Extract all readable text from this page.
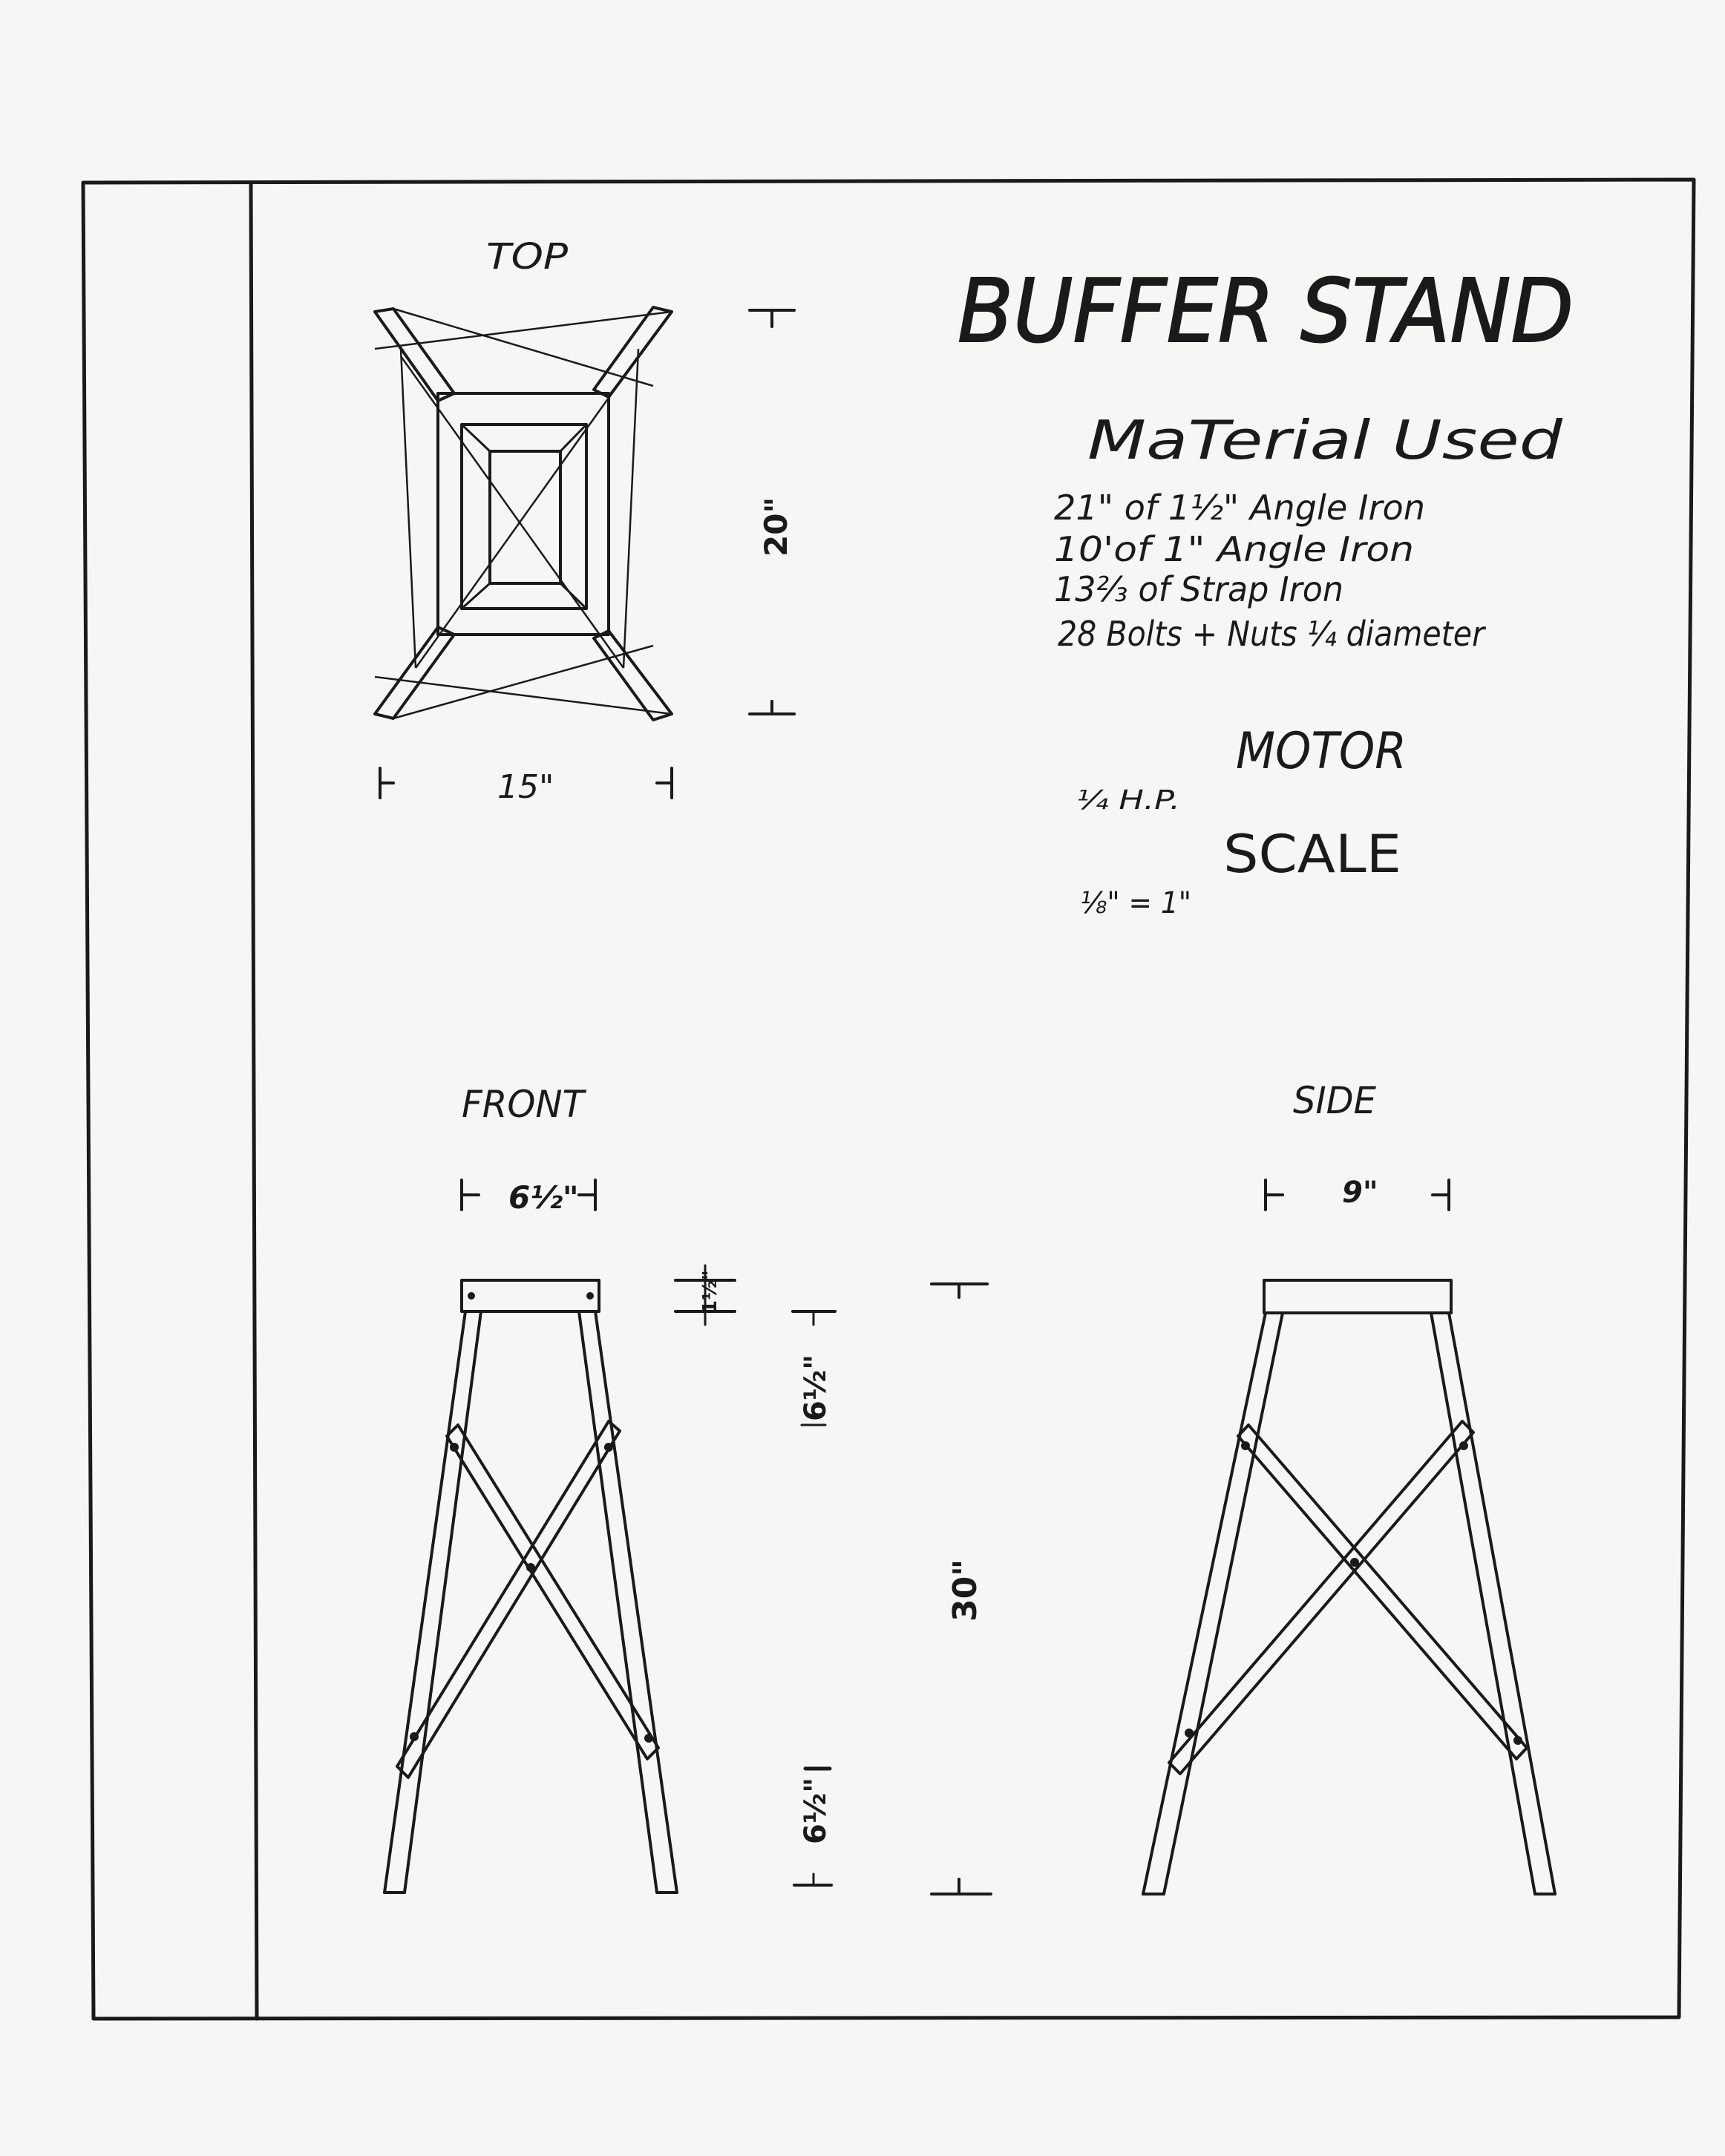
BUFFER STAND
MaTerial Used
21" of 1½" Angle Iron
10'of 1" Angle Iron
13⅔ of Strap Iron
28 Bolts + Nuts ¼ diameter
MOTOR
¼ H.P.
SCALE
⅛" = 1"
TOP
20"
15"
FRONT
6½"
1½"
6½"
30"
6½"
SIDE
9"
